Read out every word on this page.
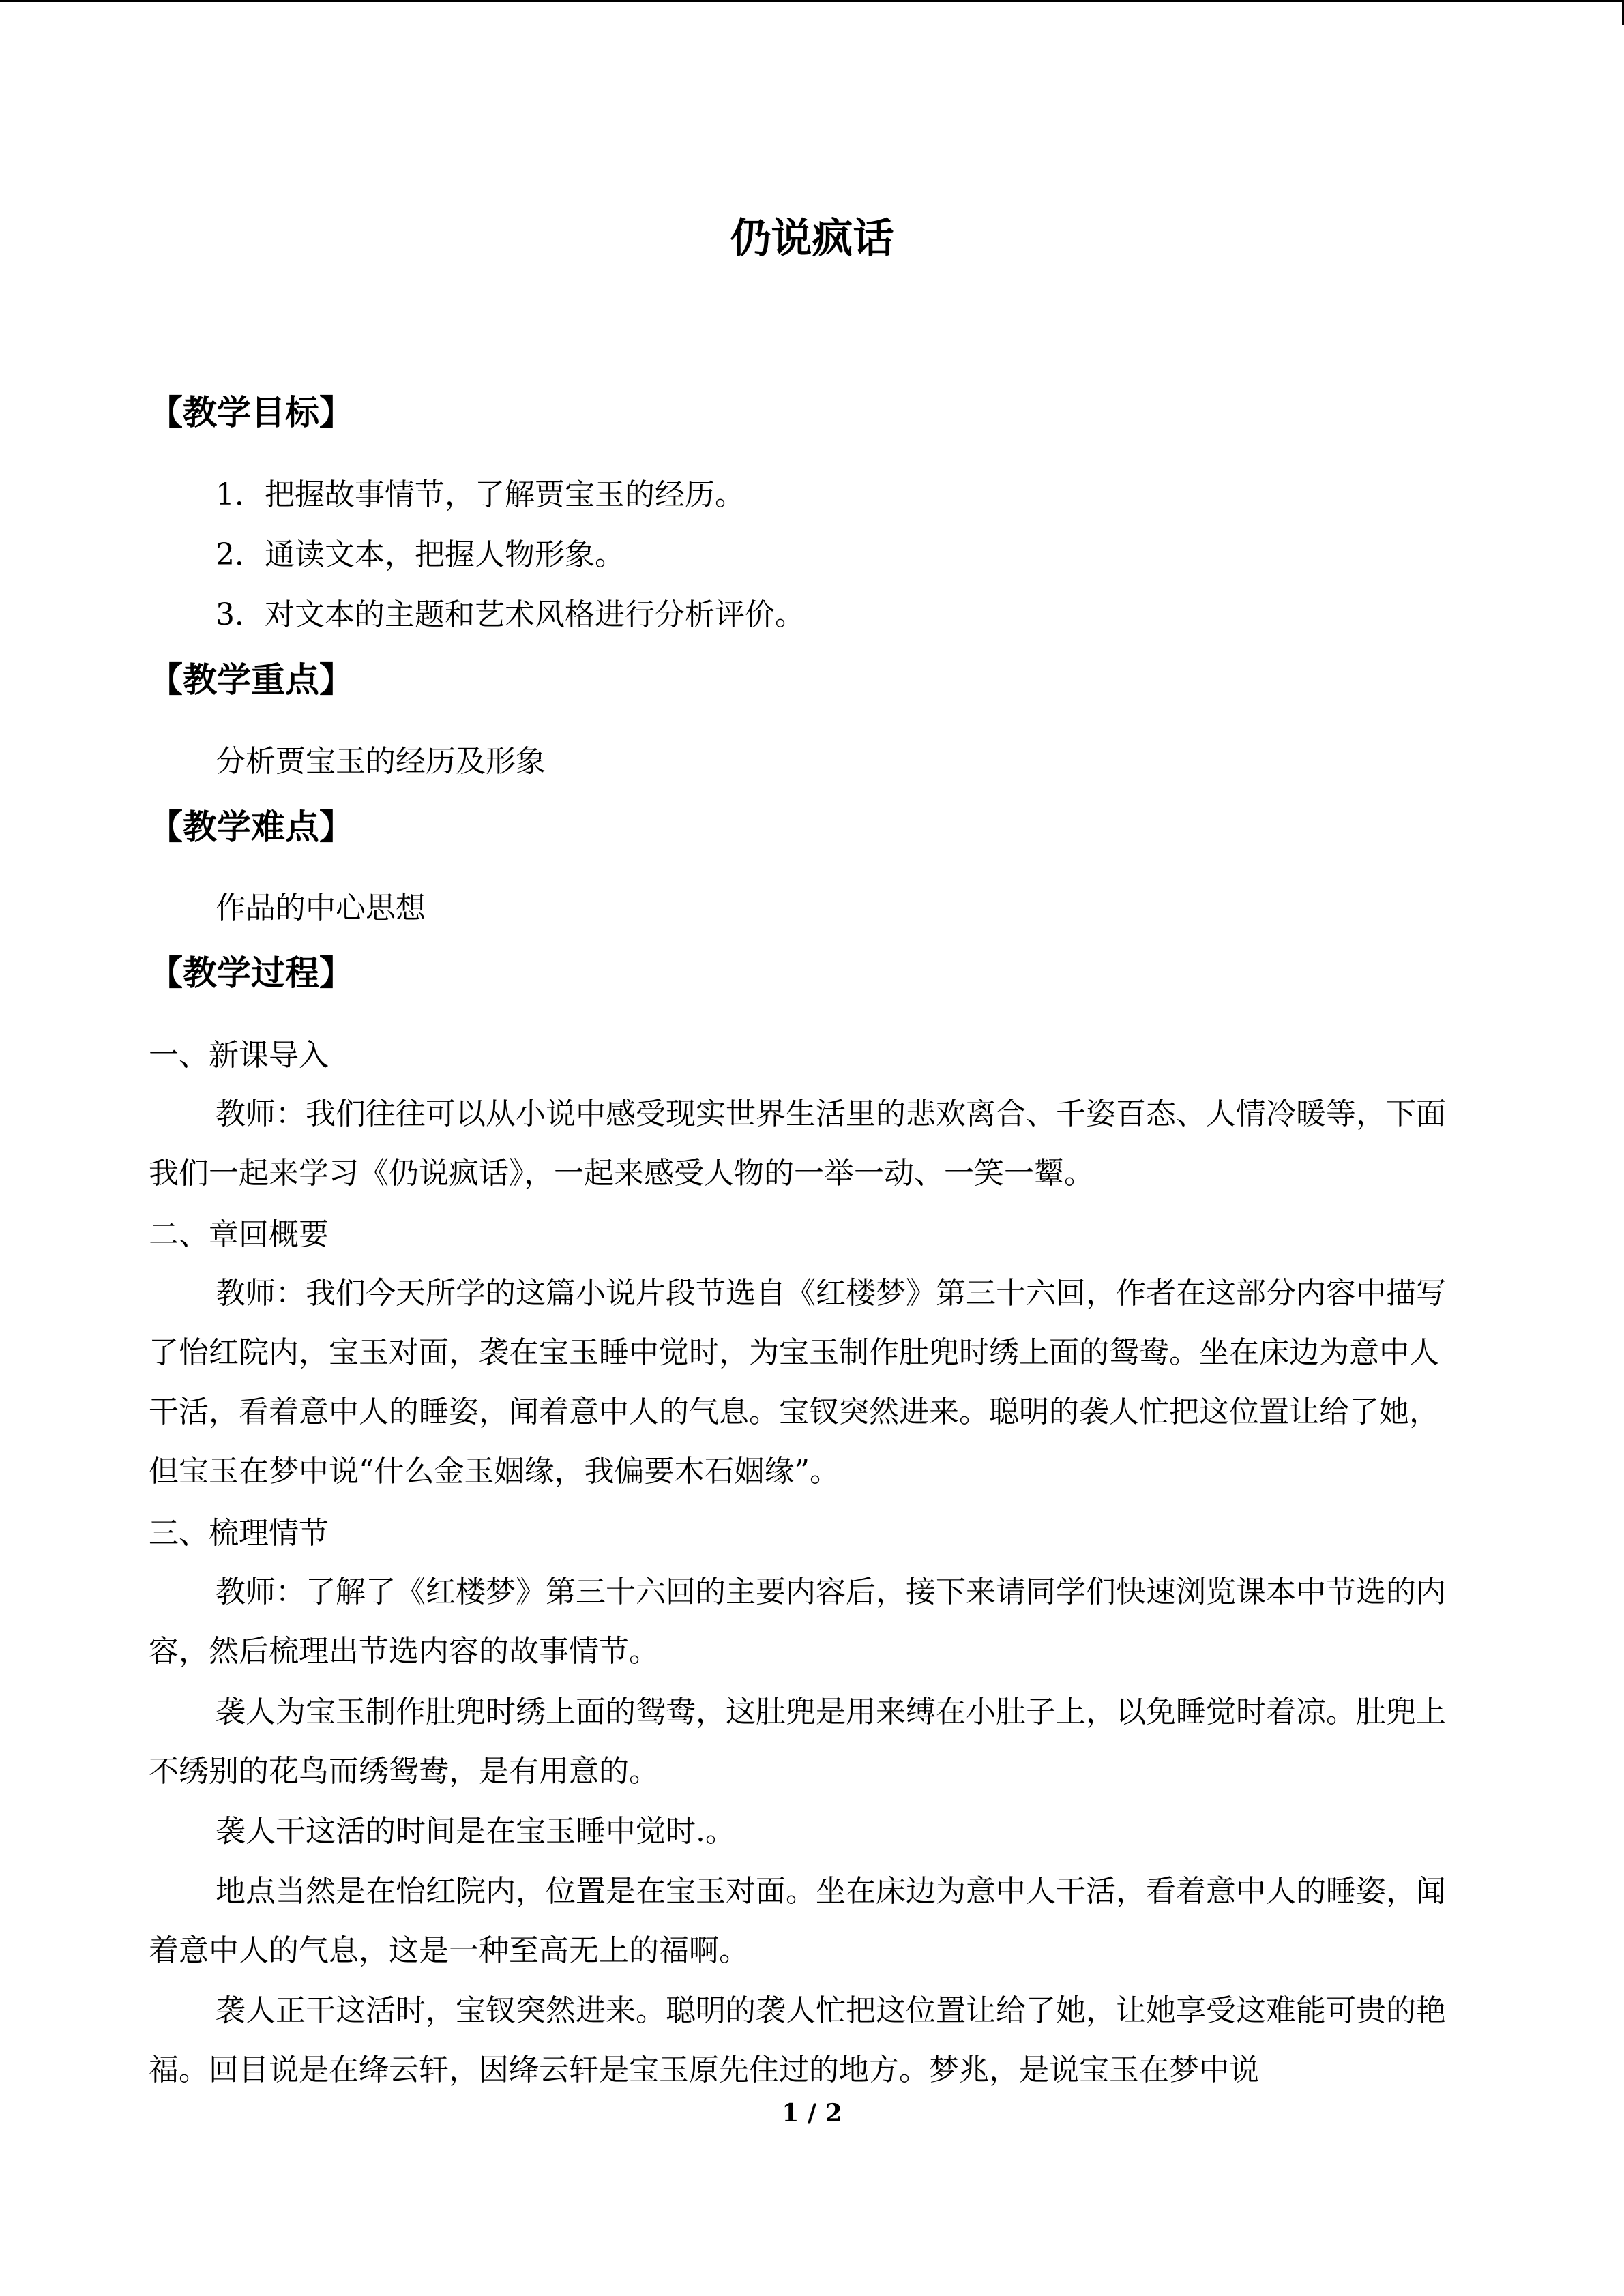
仍说疯话
【教学目标】
1．把握故事情节，了解贾宝玉的经历。
2．通读文本，把握人物形象。
3．对文本的主题和艺术风格进行分析评价。
【教学重点】
分析贾宝玉的经历及形象
【教学难点】
作品的中心思想
【教学过程】
一、新课导入

教师：我们往往可以从小说中感受现实世界生活里的悲欢离合、千姿百态、人情冷暖等，下面我们一起来学习《仍说疯话》，一起来感受人物的一举一动、一笑一颦。

二、章回概要

教师：我们今天所学的这篇小说片段节选自《红楼梦》第三十六回，作者在这部分内容中描写了怡红院内，宝玉对面，袭在宝玉睡中觉时，为宝玉制作肚兜时绣上面的鸳鸯。坐在床边为意中人干活，看着意中人的睡姿，闻着意中人的气息。宝钗突然进来。聪明的袭人忙把这位置让给了她，但宝玉在梦中说“什么金玉姻缘，我偏要木石姻缘”。

三、梳理情节

教师：了解了《红楼梦》第三十六回的主要内容后，接下来请同学们快速浏览课本中节选的内容，然后梳理出节选内容的故事情节。

袭人为宝玉制作肚兜时绣上面的鸳鸯，这肚兜是用来缚在小肚子上，以免睡觉时着凉。肚兜上不绣别的花鸟而绣鸳鸯，是有用意的。

袭人干这活的时间是在宝玉睡中觉时.。

地点当然是在怡红院内，位置是在宝玉对面。坐在床边为意中人干活，看着意中人的睡姿，闻着意中人的气息，这是一种至高无上的福啊。

袭人正干这活时，宝钗突然进来。聪明的袭人忙把这位置让给了她，让她享受这难能可贵的艳福。回目说是在绛云轩，因绛云轩是宝玉原先住过的地方。梦兆，是说宝玉在梦中说

1 / 2
